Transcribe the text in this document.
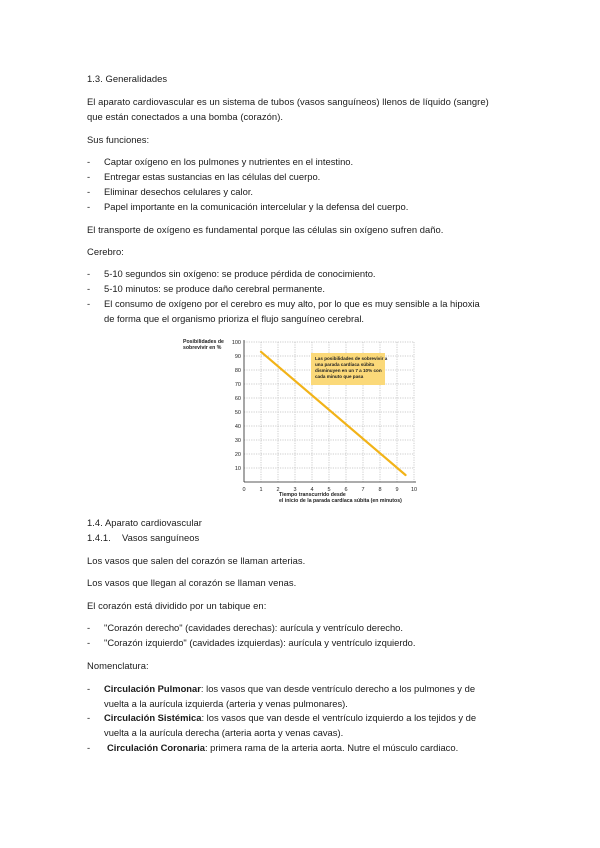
1.3. Generalidades
El aparato cardiovascular es un sistema de tubos (vasos sanguíneos) llenos de líquido (sangre)
que están conectados a una bomba (corazón).
Sus funciones:
- Captar oxígeno en los pulmones y nutrientes en el intestino.
- Entregar estas sustancias en las células del cuerpo.
- Eliminar desechos celulares y calor.
- Papel importante en la comunicación intercelular y la defensa del cuerpo.
El transporte de oxígeno es fundamental porque las células sin oxígeno sufren daño.
Cerebro:
- 5-10 segundos sin oxígeno: se produce pérdida de conocimiento.
- 5-10 minutos: se produce daño cerebral permanente.
- El consumo de oxígeno por el cerebro es muy alto, por lo que es muy sensible a la hipoxia
de forma que el organismo prioriza el flujo sanguíneo cerebral.
Posibilidades de
sobrevivir en %
0	1	2	3	4	5	6	7	8	9 10
10
20
30
40
50
60
70
80
90
100
Las posibilidades de sobrevivir a
una parada cardíaca súbita
disminuyen en un 7 a 10% con
cada minuto que pasa
Tiempo transcurrido desde
el inicio de la parada cardíaca súbita (en minutos)
1.4. Aparato cardiovascular
1.4.1. Vasos sanguíneos
Los vasos que salen del corazón se llaman arterias.
Los vasos que llegan al corazón se llaman venas.
El corazón está dividido por un tabique en:
- "Corazón derecho" (cavidades derechas): aurícula y ventrículo derecho.
- "Corazón izquierdo" (cavidades izquierdas): aurícula y ventrículo izquierdo.
Nomenclatura:
- Circulación Pulmonar: los vasos que van desde ventrículo derecho a los pulmones y de
vuelta a la aurícula izquierda (arteria y venas pulmonares).
- Circulación Sistémica: los vasos que van desde el ventrículo izquierdo a los tejidos y de
vuelta a la aurícula derecha (arteria aorta y venas cavas).
- Circulación Coronaria: primera rama de la arteria aorta. Nutre el músculo cardiaco.
